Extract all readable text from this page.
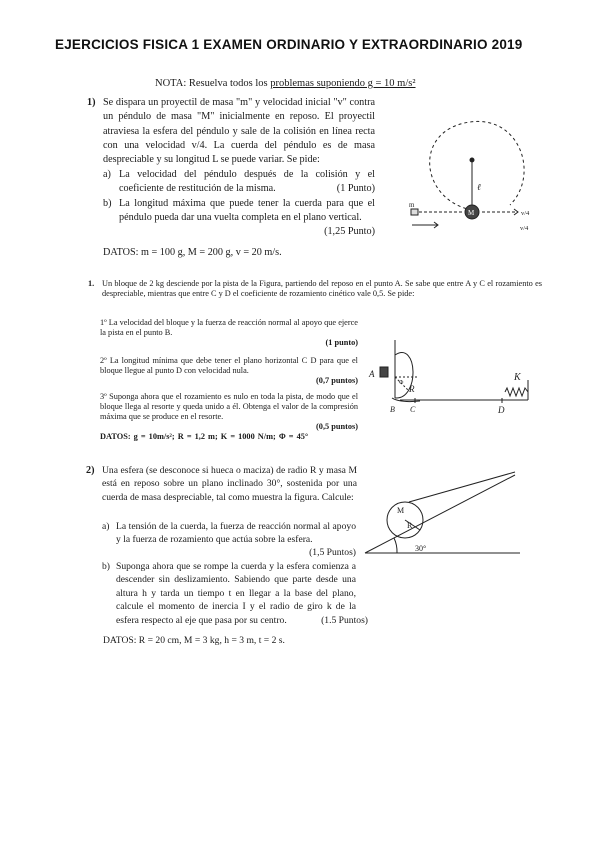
EJERCICIOS FISICA 1 EXAMEN ORDINARIO Y EXTRAORDINARIO 2019
NOTA: Resuelva todos los problemas suponiendo g = 10 m/s²
1) Se dispara un proyectil de masa "m" y velocidad inicial "v" contra un péndulo de masa "M" inicialmente en reposo. El proyectil atraviesa la esfera del péndulo y sale de la colisión en línea recta con una velocidad v/4. La cuerda del péndulo es de masa despreciable y su longitud L se puede variar. Se pide:
a) La velocidad del péndulo después de la colisión y el coeficiente de restitución de la misma.	(1 Punto)
b) La longitud máxima que puede tener la cuerda para que el péndulo pueda dar una vuelta completa en el plano vertical.
(1,25 Punto)
DATOS: m = 100 g, M = 200 g, v = 20 m/s.
1. Un bloque de 2 kg desciende por la pista de la Figura, partiendo del reposo en el punto A. Se sabe que entre A y C el rozamiento es despreciable, mientras que entre C y D el coeficiente de rozamiento cinético vale 0,5. Se pide:
1º La velocidad del bloque y la fuerza de reacción normal al apoyo que ejerce la pista en el punto B.
(1 punto)
2º La longitud mínima que debe tener el plano horizontal C D para que el bloque llegue al punto D con velocidad nula.
(0,7 puntos)
3º Suponga ahora que el rozamiento es nulo en toda la pista, de modo que el bloque llega al resorte y queda unido a él. Obtenga el valor de la compresión máxima que se produce en el resorte.
(0,5 puntos)
DATOS: g = 10m/s²; R = 1,2 m; K = 1000 N/m; Φ = 45°
2) Una esfera (se desconoce si hueca o maciza) de radio R y masa M está en reposo sobre un plano inclinado 30°, sostenida por una cuerda de masa despreciable, tal como muestra la figura. Calcule:
a) La tensión de la cuerda, la fuerza de reacción normal al apoyo y la fuerza de rozamiento que actúa sobre la esfera.
(1,5 Puntos)
b) Suponga ahora que se rompe la cuerda y la esfera comienza a descender sin deslizamiento. Sabiendo que parte desde una altura h y tarda un tiempo t en llegar a la base del plano, calcule el momento de inercia I y el radio de giro k de la esfera respecto al eje que pasa por su centro.	(1.5 Puntos)
DATOS: R = 20 cm, M = 3 kg, h = 3 m, t = 2 s.
ℓ
m
M	v/4
v/4
A
B C	D
R
K
Φ
M
R
30°
